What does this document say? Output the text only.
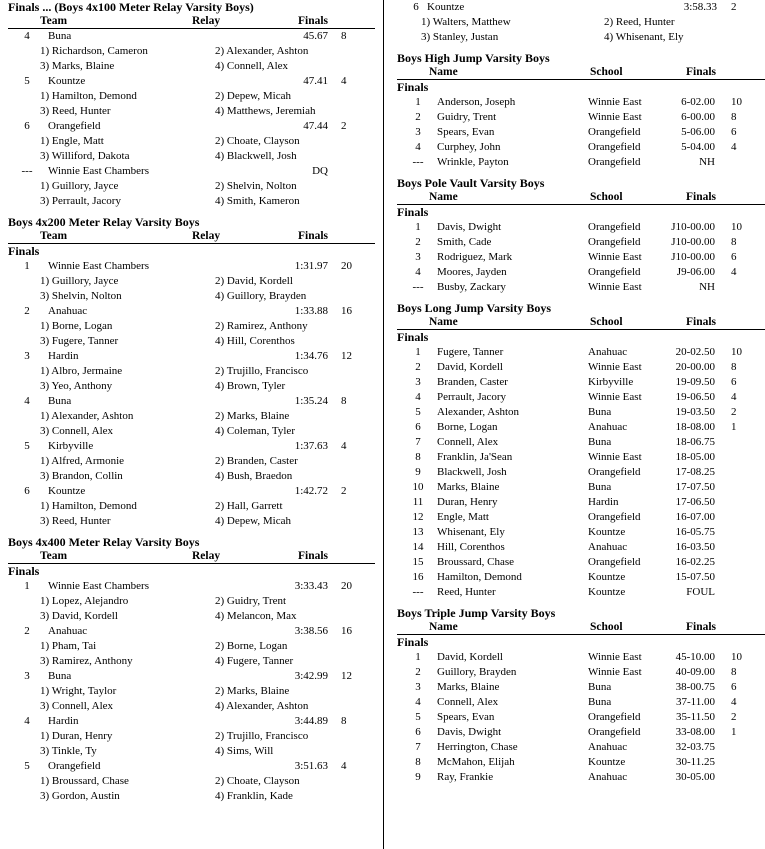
Finals ... (Boys 4x100 Meter Relay Varsity Boys)
Team	Relay	Finals
4	Buna	45.67 8
1) Richardson, Cameron	2) Alexander, Ashton
3) Marks, Blaine	4) Connell, Alex
5	Kountze	47.41 4
1) Hamilton, Demond	2) Depew, Micah
3) Reed, Hunter	4) Matthews, Jeremiah
6	Orangefield	47.44 2
1) Engle, Matt	2) Choate, Clayson
3) Williford, Dakota	4) Blackwell, Josh
---	Winnie East Chambers	DQ
1) Guillory, Jayce	2) Shelvin, Nolton
3) Perrault, Jacory	4) Smith, Kameron
Boys 4x200 Meter Relay Varsity Boys
Team	Relay	Finals
Finals
1	Winnie East Chambers	1:31.97 20
1) Guillory, Jayce	2) David, Kordell
3) Shelvin, Nolton	4) Guillory, Brayden
2	Anahuac	1:33.88 16
1) Borne, Logan	2) Ramirez, Anthony
3) Fugere, Tanner	4) Hill, Corenthos
3	Hardin	1:34.76 12
1) Albro, Jermaine	2) Trujillo, Francisco
3) Yeo, Anthony	4) Brown, Tyler
4	Buna	1:35.24 8
1) Alexander, Ashton	2) Marks, Blaine
3) Connell, Alex	4) Coleman, Tyler
5	Kirbyville	1:37.63 4
1) Alfred, Armonie	2) Branden, Caster
3) Brandon, Collin	4) Bush, Braedon
6	Kountze	1:42.72 2
1) Hamilton, Demond	2) Hall, Garrett
3) Reed, Hunter	4) Depew, Micah
Boys 4x400 Meter Relay Varsity Boys
Team	Relay	Finals
Finals
1	Winnie East Chambers	3:33.43 20
1) Lopez, Alejandro	2) Guidry, Trent
3) David, Kordell	4) Melancon, Max
2	Anahuac	3:38.56 16
1) Pham, Tai	2) Borne, Logan
3) Ramirez, Anthony	4) Fugere, Tanner
3	Buna	3:42.99 12
1) Wright, Taylor	2) Marks, Blaine
3) Connell, Alex	4) Alexander, Ashton
4	Hardin	3:44.89 8
1) Duran, Henry	2) Trujillo, Francisco
3) Tinkle, Ty	4) Sims, Will
5	Orangefield	3:51.63 4
1) Broussard, Chase	2) Choate, Clayson
3) Gordon, Austin	4) Franklin, Kade
6 Kountze	3:58.33 2
1) Walters, Matthew	2) Reed, Hunter
3) Stanley, Justan	4) Whisenant, Ely
Boys High Jump Varsity Boys
Name	School	Finals
Finals
1	Anderson, Joseph	Winnie East	6-02.00 10
2	Guidry, Trent	Winnie East	6-00.00 8
3	Spears, Evan	Orangefield	5-06.00 6
4	Curphey, John	Orangefield	5-04.00 4
---	Wrinkle, Payton	Orangefield	NH
Boys Pole Vault Varsity Boys
Name	School	Finals
Finals
1	Davis, Dwight	Orangefield	J10-00.00 10
2	Smith, Cade	Orangefield	J10-00.00 8
3	Rodriguez, Mark	Winnie East	J10-00.00 6
4	Moores, Jayden	Orangefield	J9-06.00 4
---	Busby, Zackary	Winnie East	NH
Boys Long Jump Varsity Boys
Name	School	Finals
Finals
1	Fugere, Tanner	Anahuac	20-02.50 10
2	David, Kordell	Winnie East	20-00.00 8
3	Branden, Caster	Kirbyville	19-09.50 6
4	Perrault, Jacory	Winnie East	19-06.50 4
5	Alexander, Ashton	Buna	19-03.50 2
6	Borne, Logan	Anahuac	18-08.00 1
7	Connell, Alex	Buna	18-06.75
8	Franklin, Ja'Sean	Winnie East	18-05.00
9	Blackwell, Josh	Orangefield	17-08.25
10	Marks, Blaine	Buna	17-07.50
11	Duran, Henry	Hardin	17-06.50
12	Engle, Matt	Orangefield	16-07.00
13	Whisenant, Ely	Kountze	16-05.75
14	Hill, Corenthos	Anahuac	16-03.50
15	Broussard, Chase	Orangefield	16-02.25
16	Hamilton, Demond	Kountze	15-07.50
---	Reed, Hunter	Kountze	FOUL
Boys Triple Jump Varsity Boys
Name	School	Finals
Finals
1	David, Kordell	Winnie East	45-10.00 10
2	Guillory, Brayden	Winnie East	40-09.00 8
3	Marks, Blaine	Buna	38-00.75 6
4	Connell, Alex	Buna	37-11.00 4
5	Spears, Evan	Orangefield	35-11.50 2
6	Davis, Dwight	Orangefield	33-08.00 1
7	Herrington, Chase	Anahuac	32-03.75
8	McMahon, Elijah	Kountze	30-11.25
9	Ray, Frankie	Anahuac	30-05.00
